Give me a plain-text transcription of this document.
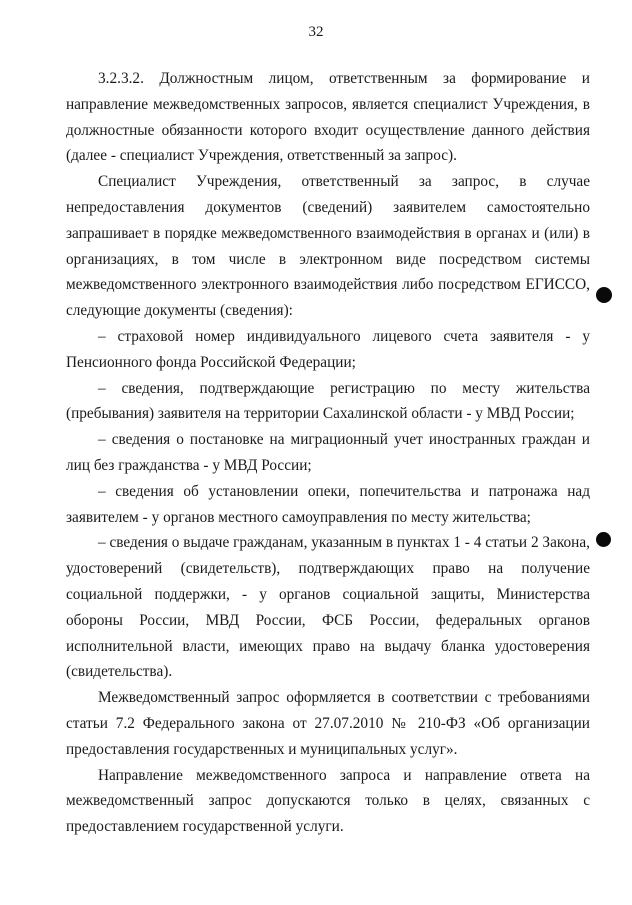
32

3.2.3.2. Должностным лицом, ответственным за формирование и направление межведомственных запросов, является специалист Учреждения, в должностные обязанности которого входит осуществление данного действия (далее - специалист Учреждения, ответственный за запрос).

Специалист Учреждения, ответственный за запрос, в случае непредоставления документов (сведений) заявителем самостоятельно запрашивает в порядке межведомственного взаимодействия в органах и (или) в организациях, в том числе в электронном виде посредством системы межведомственного электронного взаимодействия либо посредством ЕГИССО, следующие документы (сведения):

– страховой номер индивидуального лицевого счета заявителя - у Пенсионного фонда Российской Федерации;

– сведения, подтверждающие регистрацию по месту жительства (пребывания) заявителя на территории Сахалинской области - у МВД России;

– сведения о постановке на миграционный учет иностранных граждан и лиц без гражданства - у МВД России;

– сведения об установлении опеки, попечительства и патронажа над заявителем - у органов местного самоуправления по месту жительства;

– сведения о выдаче гражданам, указанным в пунктах 1 - 4 статьи 2 Закона, удостоверений (свидетельств), подтверждающих право на получение социальной поддержки, - у органов социальной защиты, Министерства обороны России, МВД России, ФСБ России, федеральных органов исполнительной власти, имеющих право на выдачу бланка удостоверения (свидетельства).

Межведомственный запрос оформляется в соответствии с требованиями статьи 7.2 Федерального закона от 27.07.2010 № 210-ФЗ «Об организации предоставления государственных и муниципальных услуг».

Направление межведомственного запроса и направление ответа на межведомственный запрос допускаются только в целях, связанных с предоставлением государственной услуги.
